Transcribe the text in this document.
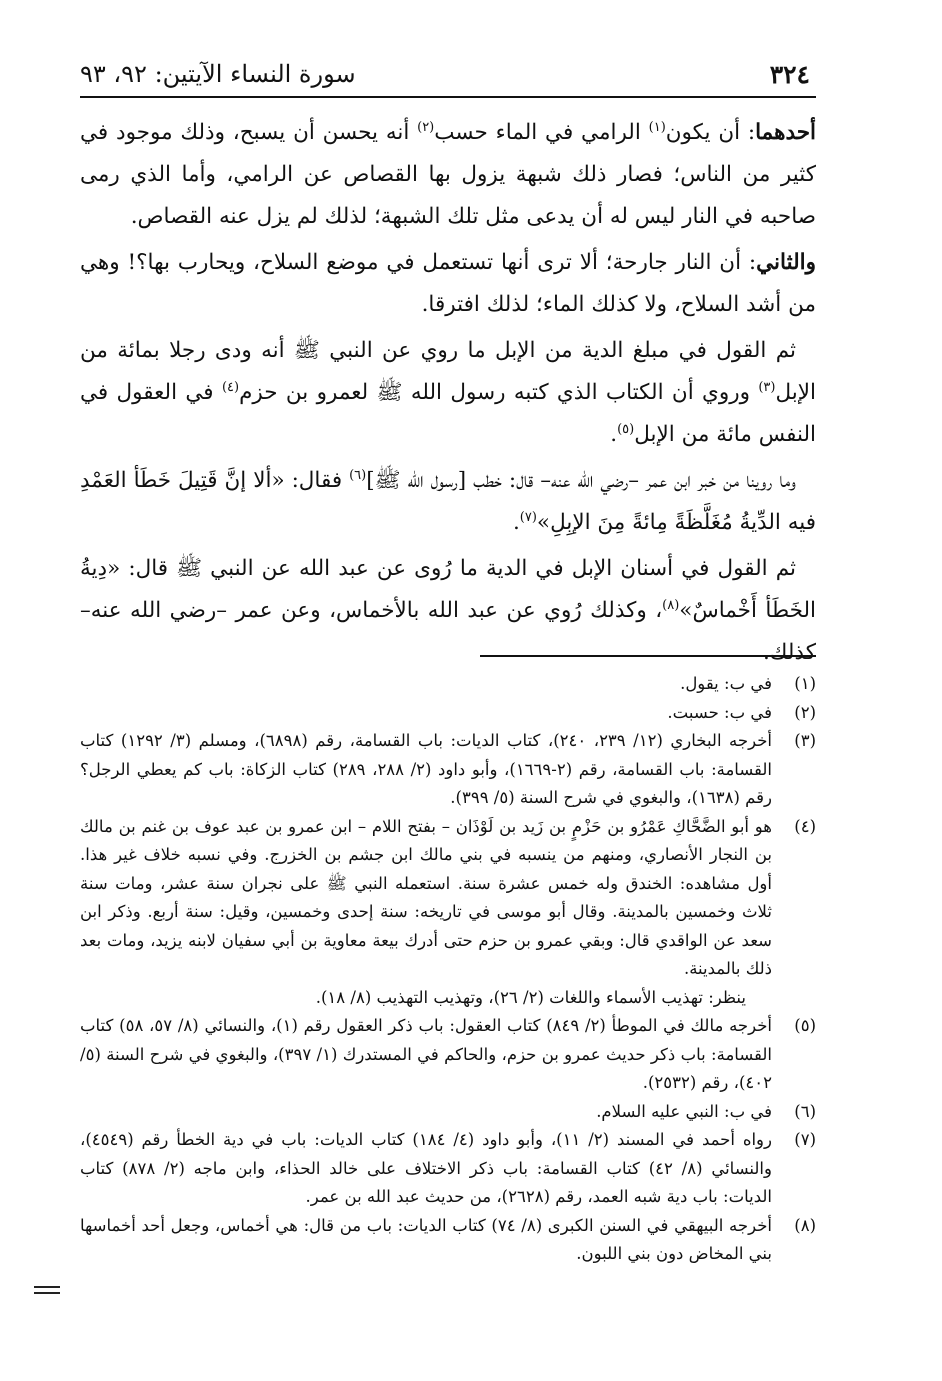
٣٢٤
سورة النساء الآيتين: ٩٢، ٩٣

أحدهما: أن يكون$^{(١)}$ الرامي في الماء حسب$^{(٢)}$ أنه يحسن أن يسبح، وذلك موجود في كثير من الناس؛ فصار ذلك شبهة يزول بها القصاص عن الرامي، وأما الذي رمى صاحبه في النار ليس له أن يدعى مثل تلك الشبهة؛ لذلك لم يزل عنه القصاص.

والثاني: أن النار جارحة؛ ألا ترى أنها تستعمل في موضع السلاح، ويحارب بها؟! وهي من أشد السلاح، ولا كذلك الماء؛ لذلك افترقا.

ثم القول في مبلغ الدية من الإبل ما روي عن النبي ﷺ أنه ودى رجلا بمائة من الإبل$^{(٣)}$ وروي أن الكتاب الذي كتبه رسول الله ﷺ لعمرو بن حزم$^{(٤)}$ في العقول في النفس مائة من الإبل$^{(٥)}$.

وما روينا من خبر ابن عمر –رضي الله عنه– قال: خطب [رسول الله ﷺ]$^{(٦)}$ فقال: «ألا إنَّ قَتِيلَ خَطَأ العَمْدِ فيه الدِّيةُ مُغَلَّظَةً مِائةً مِنَ الإبِلِ»$^{(٧)}$.

ثم القول في أسنان الإبل في الدية ما رُوى عن عبد الله عن النبي ﷺ قال: «دِيةُ الخَطَأ أَخْماسٌ»$^{(٨)}$، وكذلك رُوي عن عبد الله بالأخماس، وعن عمر –رضي الله عنه– كذلك.

(١)
في ب: يقول.
(٢)
في ب: حسبت.
(٣)
أخرجه البخاري (١٢/ ٢٣٩، ٢٤٠)، كتاب الديات: باب القسامة، رقم (٦٨٩٨)، ومسلم (٣/ ١٢٩٢) كتاب القسامة: باب القسامة، رقم (٢-١٦٦٩)، وأبو داود (٢/ ٢٨٨، ٢٨٩) كتاب الزكاة: باب كم يعطي الرجل؟ رقم (١٦٣٨)، والبغوي في شرح السنة (٥/ ٣٩٩).
(٤)
هو أبو الضَّحَّاكِ عَمْرُو بن حَزْمٍ بن زَيد بن لَوْذَان – بفتح اللام – ابن عمرو بن عبد عوف بن غنم بن مالك بن النجار الأنصاري، ومنهم من ينسبه في بني مالك ابن جشم بن الخزرج. وفي نسبه خلاف غير هذا. أول مشاهده: الخندق وله خمس عشرة سنة. استعمله النبي ﷺ على نجران سنة عشر، ومات سنة ثلاث وخمسين بالمدينة. وقال أبو موسى في تاريخه: سنة إحدى وخمسين، وقيل: سنة أربع. وذكر ابن سعد عن الواقدي قال: وبقي عمرو بن حزم حتى أدرك بيعة معاوية بن أبي سفيان لابنه يزيد، ومات بعد ذلك بالمدينة.
ينظر: تهذيب الأسماء واللغات (٢/ ٢٦)، وتهذيب التهذيب (٨/ ١٨).
(٥)
أخرجه مالك في الموطأ (٢/ ٨٤٩) كتاب العقول: باب ذكر العقول رقم (١)، والنسائي (٨/ ٥٧، ٥٨) كتاب القسامة: باب ذكر حديث عمرو بن حزم، والحاكم في المستدرك (١/ ٣٩٧)، والبغوي في شرح السنة (٥/ ٤٠٢)، رقم (٢٥٣٢).
(٦)
في ب: النبي عليه السلام.
(٧)
رواه أحمد في المسند (٢/ ١١)، وأبو داود (٤/ ١٨٤) كتاب الديات: باب في دية الخطأ رقم (٤٥٤٩)، والنسائي (٨/ ٤٢) كتاب القسامة: باب ذكر الاختلاف على خالد الحذاء، وابن ماجه (٢/ ٨٧٨) كتاب الديات: باب دية شبه العمد، رقم (٢٦٢٨)، من حديث عبد الله بن عمر.
(٨)
أخرجه البيهقي في السنن الكبرى (٨/ ٧٤) كتاب الديات: باب من قال: هي أخماس، وجعل أحد أخماسها بني المخاض دون بني اللبون.
